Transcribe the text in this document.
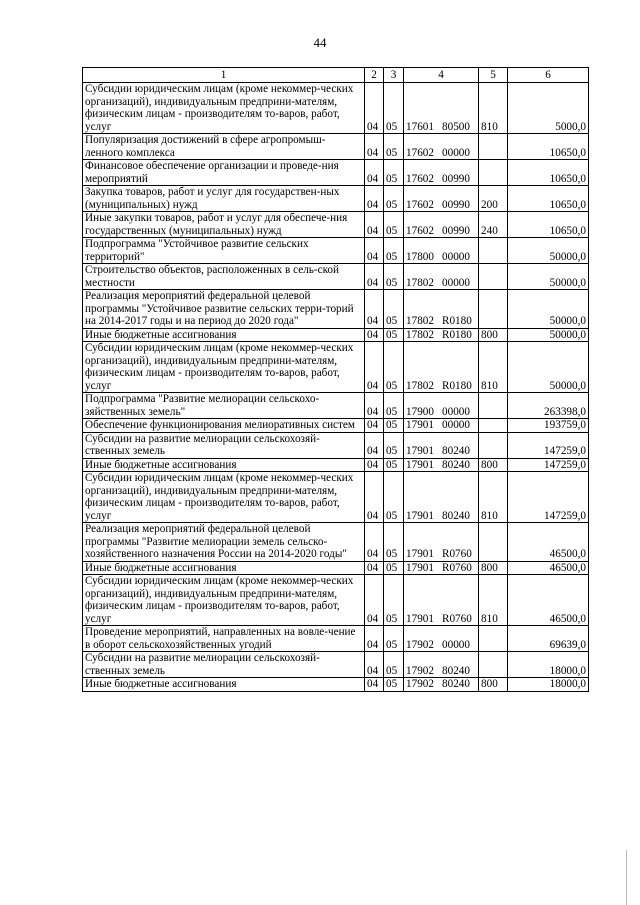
44
1	2	3	4	5	6
Субсидии юридическим лицам (кроме некоммер-ческих организаций), индивидуальным предприни-мателям, физическим лицам - производителям то-варов, работ, услуг	04	05	17601 80500	810	5000,0
Популяризация достижений в сфере агропромыш-ленного комплекса	04	05	17602 00000		10650,0
Финансовое обеспечение организации и проведе-ния мероприятий	04	05	17602 00990		10650,0
Закупка товаров, работ и услуг для государствен-ных (муниципальных) нужд	04	05	17602 00990	200	10650,0
Иные закупки товаров, работ и услуг для обеспече-ния государственных (муниципальных) нужд	04	05	17602 00990	240	10650,0
Подпрограмма "Устойчивое развитие сельских территорий"	04	05	17800 00000		50000,0
Строительство объектов, расположенных в сель-ской местности	04	05	17802 00000		50000,0
Реализация мероприятий федеральной целевой программы "Устойчивое развитие сельских терри-торий на 2014-2017 годы и на период до 2020 года"	04	05	17802 R0180		50000,0
Иные бюджетные ассигнования	04	05	17802 R0180	800	50000,0
Субсидии юридическим лицам (кроме некоммер-ческих организаций), индивидуальным предприни-мателям, физическим лицам - производителям то-варов, работ, услуг	04	05	17802 R0180	810	50000,0
Подпрограмма "Развитие мелиорации сельскохо-зяйственных земель"	04	05	17900 00000		263398,0
Обеспечение функционирования мелиоративных систем	04	05	17901 00000		193759,0
Субсидии на развитие мелиорации сельскохозяй-ственных земель	04	05	17901 80240		147259,0
Иные бюджетные ассигнования	04	05	17901 80240	800	147259,0
Субсидии юридическим лицам (кроме некоммер-ческих организаций), индивидуальным предприни-мателям, физическим лицам - производителям то-варов, работ, услуг	04	05	17901 80240	810	147259,0
Реализация мероприятий федеральной целевой программы "Развитие мелиорации земель сельско-хозяйственного назначения России на 2014-2020 годы"	04	05	17901 R0760		46500,0
Иные бюджетные ассигнования	04	05	17901 R0760	800	46500,0
Субсидии юридическим лицам (кроме некоммер-ческих организаций), индивидуальным предприни-мателям, физическим лицам - производителям то-варов, работ, услуг	04	05	17901 R0760	810	46500,0
Проведение мероприятий, направленных на вовле-чение в оборот сельскохозяйственных угодий	04	05	17902 00000		69639,0
Субсидии на развитие мелиорации сельскохозяй-ственных земель	04	05	17902 80240		18000,0
Иные бюджетные ассигнования	04	05	17902 80240	800	18000,0
